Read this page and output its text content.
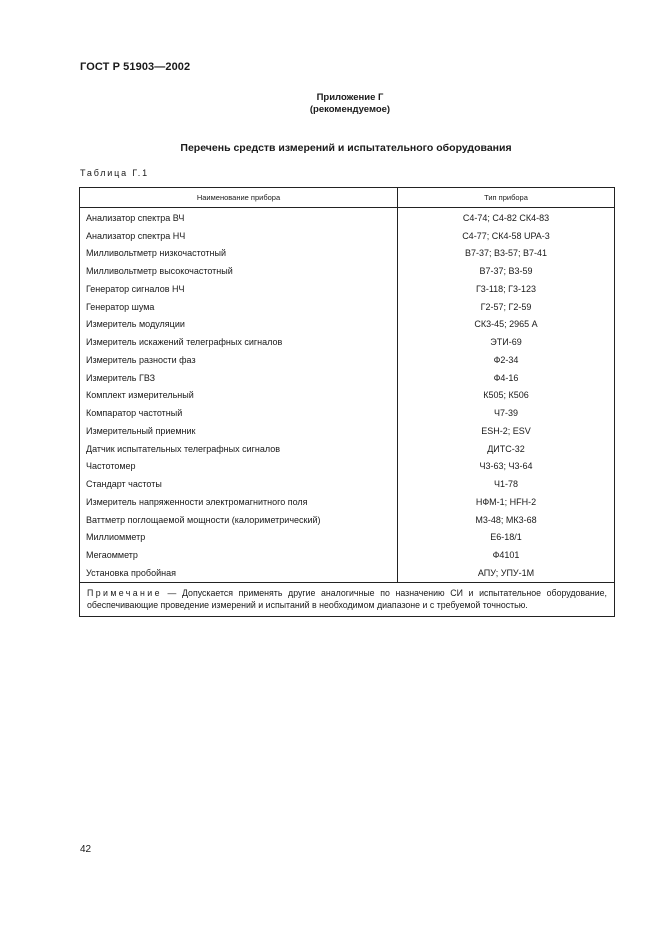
ГОСТ Р 51903—2002
Приложение Г
(рекомендуемое)
Перечень средств измерений и испытательного оборудования
Таблица Г.1
Наименование прибора	Тип прибора
Анализатор спектра ВЧ	С4-74; С4-82 СК4-83
Анализатор спектра НЧ	С4-77; СК4-58 UPA-3
Милливольтметр низкочастотный	В7-37; В3-57; В7-41
Милливольтметр высокочастотный	В7-37; В3-59
Генератор сигналов НЧ	Г3-118; Г3-123
Генератор шума	Г2-57; Г2-59
Измеритель модуляции	СК3-45; 2965 А
Измеритель искажений телеграфных сигналов	ЭТИ-69
Измеритель разности фаз	Ф2-34
Измеритель ГВЗ	Ф4-16
Комплект измерительный	К505; К506
Компаратор частотный	Ч7-39
Измерительный приемник	ESH-2; ESV
Датчик испытательных телеграфных сигналов	ДИТС-32
Частотомер	Ч3-63; Ч3-64
Стандарт частоты	Ч1-78
Измеритель напряженности электромагнитного поля	НФМ-1; HFH-2
Ваттметр поглощаемой мощности (калориметрический)	М3-48; МК3-68
Миллиомметр	Е6-18/1
Мегаомметр	Ф4101
Установка пробойная	АПУ; УПУ-1М
Примечание — Допускается применять другие аналогичные по назначению СИ и испытательное оборудование, обеспечивающие проведение измерений и испытаний в необходимом диапазоне и с требуемой точностью.	
42
